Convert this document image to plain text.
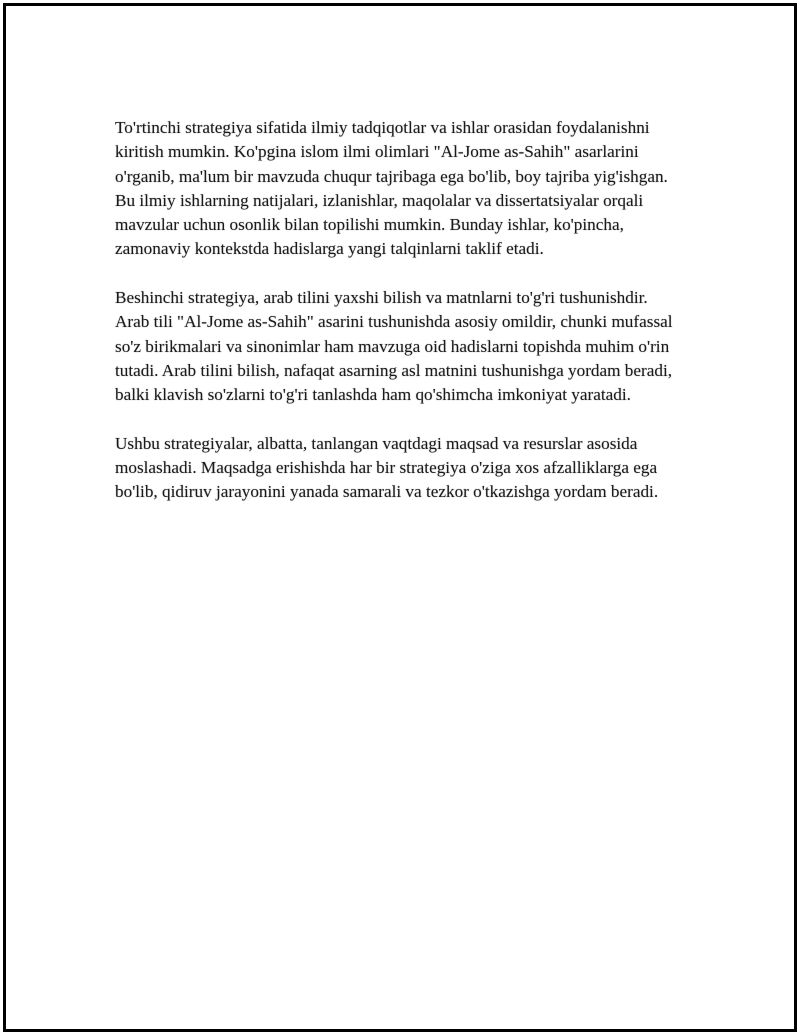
To'rtinchi strategiya sifatida ilmiy tadqiqotlar va ishlar orasidan foydalanishni kiritish mumkin. Ko'pgina islom ilmi olimlari "Al-Jome as-Sahih" asarlarini o'rganib, ma'lum bir mavzuda chuqur tajribaga ega bo'lib, boy tajriba yig'ishgan. Bu ilmiy ishlarning natijalari, izlanishlar, maqolalar va dissertatsiyalar orqali mavzular uchun osonlik bilan topilishi mumkin. Bunday ishlar, ko'pincha, zamonaviy kontekstda hadislarga yangi talqinlarni taklif etadi.

Beshinchi strategiya, arab tilini yaxshi bilish va matnlarni to'g'ri tushunishdir. Arab tili "Al-Jome as-Sahih" asarini tushunishda asosiy omildir, chunki mufassal so'z birikmalari va sinonimlar ham mavzuga oid hadislarni topishda muhim o'rin tutadi. Arab tilini bilish, nafaqat asarning asl matnini tushunishga yordam beradi, balki klavish so'zlarni to'g'ri tanlashda ham qo'shimcha imkoniyat yaratadi.

Ushbu strategiyalar, albatta, tanlangan vaqtdagi maqsad va resurslar asosida moslashadi. Maqsadga erishishda har bir strategiya o'ziga xos afzalliklarga ega bo'lib, qidiruv jarayonini yanada samarali va tezkor o'tkazishga yordam beradi.
